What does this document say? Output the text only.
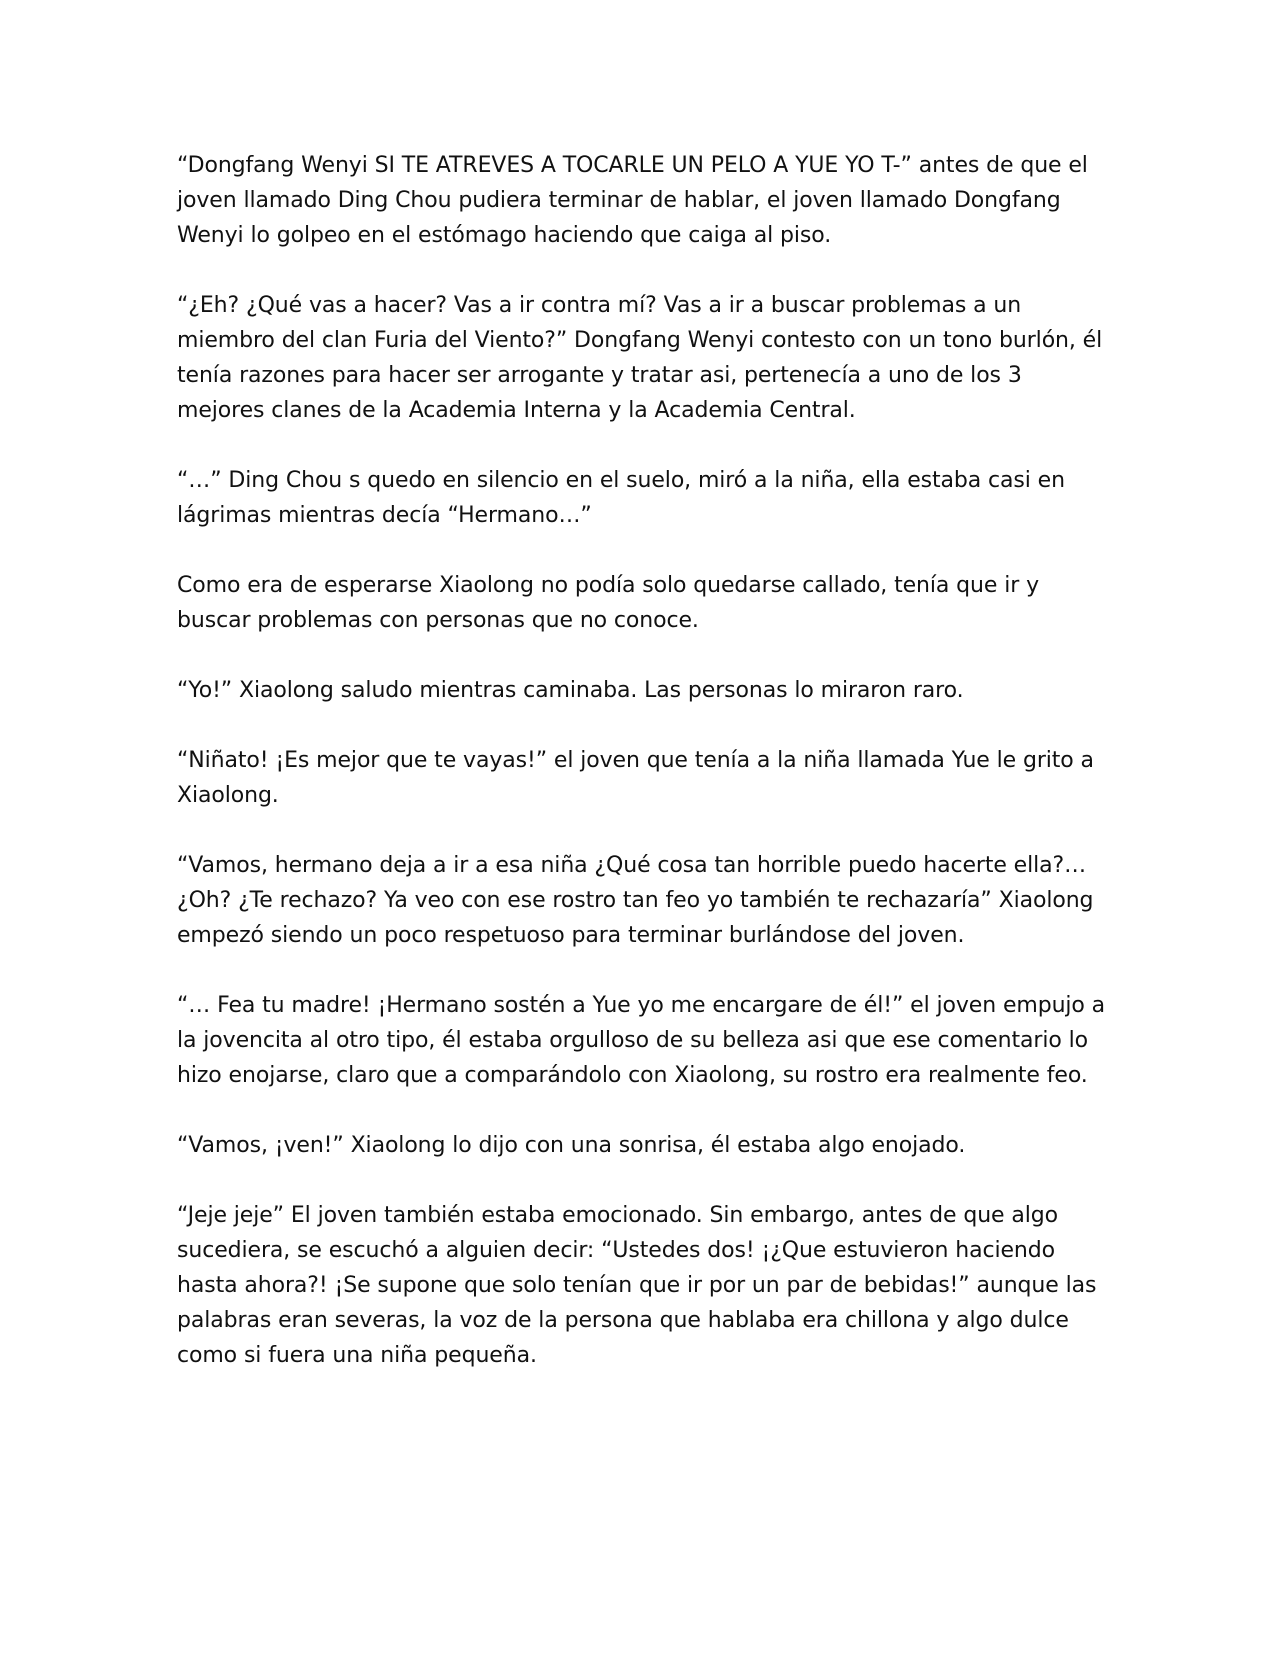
“Dongfang Wenyi SI TE ATREVES A TOCARLE UN PELO A YUE YO T-” antes de que el joven llamado Ding Chou pudiera terminar de hablar, el joven llamado Dongfang Wenyi lo golpeo en el estómago haciendo que caiga al piso.

“¿Eh? ¿Qué vas a hacer? Vas a ir contra mí? Vas a ir a buscar problemas a un miembro del clan Furia del Viento?” Dongfang Wenyi contesto con un tono burlón, él tenía razones para hacer ser arrogante y tratar asi, pertenecía a uno de los 3 mejores clanes de la Academia Interna y la Academia Central.

“…” Ding Chou s quedo en silencio en el suelo, miró a la niña, ella estaba casi en lágrimas mientras decía “Hermano…”

Como era de esperarse Xiaolong no podía solo quedarse callado, tenía que ir y buscar problemas con personas que no conoce.

“Yo!” Xiaolong saludo mientras caminaba. Las personas lo miraron raro.

“Niñato! ¡Es mejor que te vayas!” el joven que tenía a la niña llamada Yue le grito a Xiaolong.

“Vamos, hermano deja a ir a esa niña ¿Qué cosa tan horrible puedo hacerte ella?… ¿Oh? ¿Te rechazo? Ya veo con ese rostro tan feo yo también te rechazaría” Xiaolong empezó siendo un poco respetuoso para terminar burlándose del joven.

“… Fea tu madre! ¡Hermano sostén a Yue yo me encargare de él!” el joven empujo a la jovencita al otro tipo, él estaba orgulloso de su belleza asi que ese comentario lo hizo enojarse, claro que a comparándolo con Xiaolong, su rostro era realmente feo.

“Vamos, ¡ven!” Xiaolong lo dijo con una sonrisa, él estaba algo enojado.

“Jeje jeje” El joven también estaba emocionado. Sin embargo, antes de que algo sucediera, se escuchó a alguien decir: “Ustedes dos! ¡¿Que estuvieron haciendo hasta ahora?! ¡Se supone que solo tenían que ir por un par de bebidas!” aunque las palabras eran severas, la voz de la persona que hablaba era chillona y algo dulce como si fuera una niña pequeña.
